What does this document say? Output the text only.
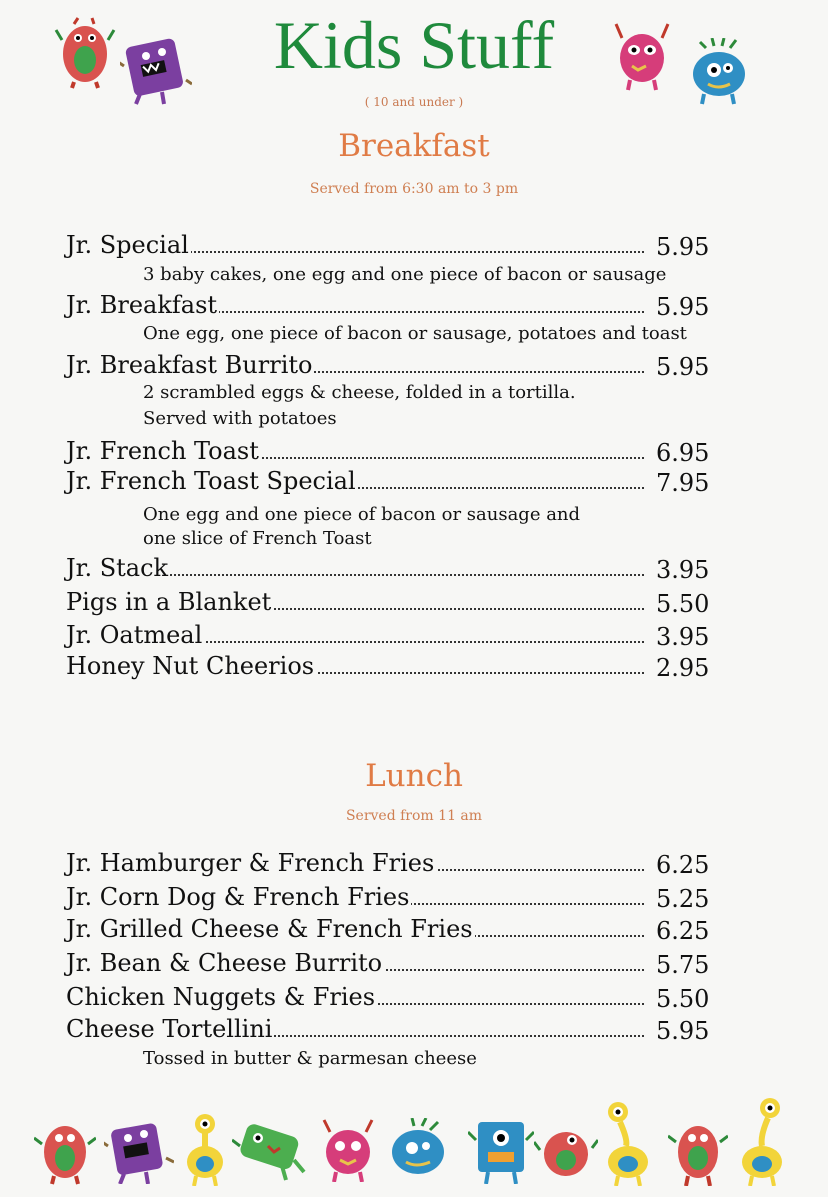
Kids Stuff
( 10 and under )
Breakfast
Served from 6:30 am to 3 pm
Jr. Special	5.95
3 baby cakes, one egg and one piece of bacon or sausage
Jr. Breakfast	5.95
One egg, one piece of bacon or sausage, potatoes and toast
Jr. Breakfast Burrito	5.95
2 scrambled eggs & cheese, folded in a tortilla.
Served with potatoes
Jr. French Toast	6.95
Jr. French Toast Special	7.95
One egg and one piece of bacon or sausage and
one slice of French Toast
Jr. Stack	3.95
Pigs in a Blanket	5.50
Jr. Oatmeal	3.95
Honey Nut Cheerios	2.95
Lunch
Served from 11 am
Jr. Hamburger & French Fries	6.25
Jr. Corn Dog & French Fries	5.25
Jr. Grilled Cheese & French Fries	6.25
Jr. Bean & Cheese Burrito	5.75
Chicken Nuggets & Fries	5.50
Cheese Tortellini	5.95
Tossed in butter & parmesan cheese
